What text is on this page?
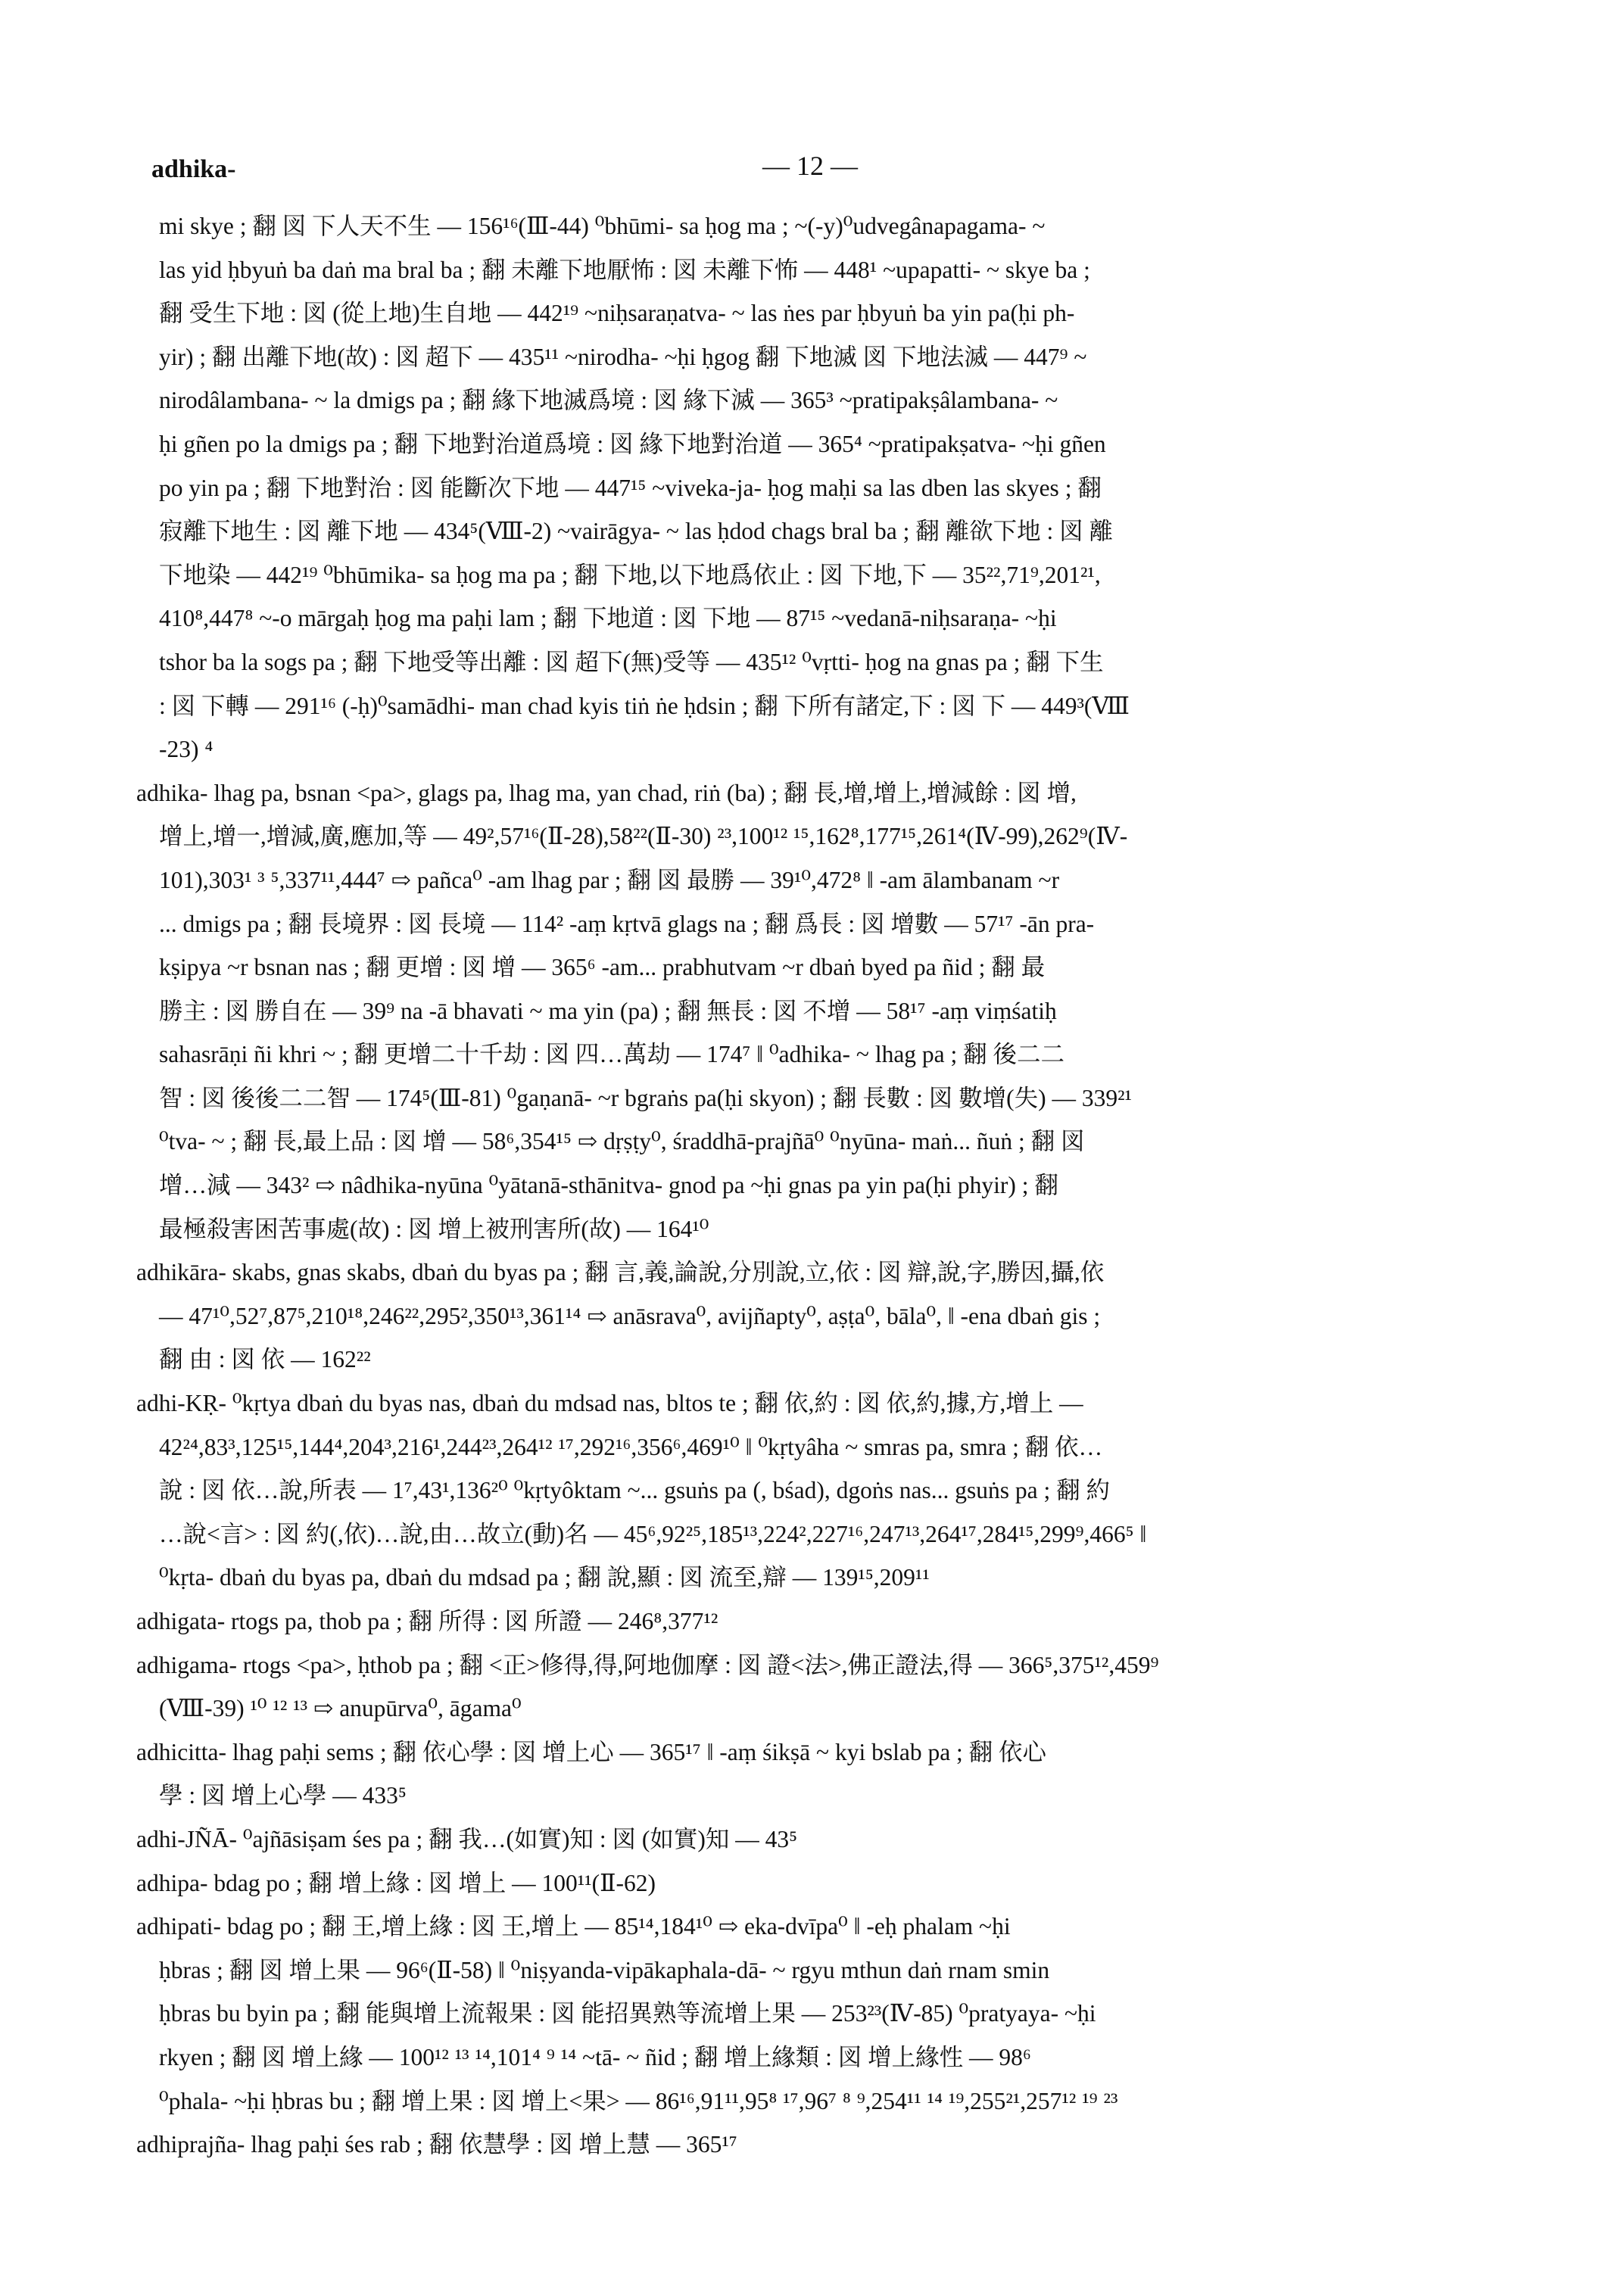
adhika-	— 12 —
mi skye ; 翻 図 下人天不生 — 156¹⁶(Ⅲ-44) ⁰bhūmi- sa ḥog ma ; ~(-y)⁰udvegânapagama- ~
las yid ḥbyuṅ ba daṅ ma bral ba ; 翻 未離下地厭怖 : 図 未離下怖 — 448¹ ~upapatti- ~ skye ba ;
翻 受生下地 : 図 (從上地)生自地 — 442¹⁹ ~niḥsaraṇatva- ~ las ṅes par ḥbyuṅ ba yin pa(ḥi ph-
yir) ; 翻 出離下地(故) : 図 超下 — 435¹¹ ~nirodha- ~ḥi ḥgog 翻 下地滅 図 下地法滅 — 447⁹ ~
nirodâlambana- ~ la dmigs pa ; 翻 緣下地滅爲境 : 図 緣下滅 — 365³ ~pratipakṣâlambana- ~
ḥi gñen po la dmigs pa ; 翻 下地對治道爲境 : 図 緣下地對治道 — 365⁴ ~pratipakṣatva- ~ḥi gñen
po yin pa ; 翻 下地對治 : 図 能斷次下地 — 447¹⁵ ~viveka-ja- ḥog maḥi sa las dben las skyes ; 翻
寂離下地生 : 図 離下地 — 434⁵(Ⅷ-2) ~vairāgya- ~ las ḥdod chags bral ba ; 翻 離欲下地 : 図 離
下地染 — 442¹⁹ ⁰bhūmika- sa ḥog ma pa ; 翻 下地,以下地爲依止 : 図 下地,下 — 35²²,71⁹,201²¹,
410⁸,447⁸ ~-o mārgaḥ ḥog ma paḥi lam ; 翻 下地道 : 図 下地 — 87¹⁵ ~vedanā-niḥsaraṇa- ~ḥi
tshor ba la sogs pa ; 翻 下地受等出離 : 図 超下(無)受等 — 435¹² ⁰vṛtti- ḥog na gnas pa ; 翻 下生
: 図 下轉 — 291¹⁶ (-ḥ)⁰samādhi- man chad kyis tiṅ ṅe ḥdsin ; 翻 下所有諸定,下 : 図 下 — 449³(Ⅷ
-23) ⁴
adhika- lhag pa, bsnan <pa>, glags pa, lhag ma, yan chad, riṅ (ba) ; 翻 長,增,增上,增減餘 : 図 增,
增上,增一,增減,廣,應加,等 — 49²,57¹⁶(Ⅱ-28),58²²(Ⅱ-30) ²³,100¹² ¹⁵,162⁸,177¹⁵,261⁴(Ⅳ-99),262⁹(Ⅳ-
101),303¹ ³ ⁵,337¹¹,444⁷ ⇨ pañca⁰ -am lhag par ; 翻 図 最勝 — 39¹⁰,472⁸ ‖ -am ālambanam ~r
... dmigs pa ; 翻 長境界 : 図 長境 — 114² -aṃ kṛtvā glags na ; 翻 爲長 : 図 增數 — 57¹⁷ -ān pra-
kṣipya ~r bsnan nas ; 翻 更增 : 図 增 — 365⁶ -am... prabhutvam ~r dbaṅ byed pa ñid ; 翻 最
勝主 : 図 勝自在 — 39⁹ na -ā bhavati ~ ma yin (pa) ; 翻 無長 : 図 不增 — 58¹⁷ -aṃ viṃśatiḥ
sahasrāṇi ñi khri ~ ; 翻 更增二十千劫 : 図 四…萬劫 — 174⁷ ‖ ⁰adhika- ~ lhag pa ; 翻 後二二
智 : 図 後後二二智 — 174⁵(Ⅲ-81) ⁰gaṇanā- ~r bgraṅs pa(ḥi skyon) ; 翻 長數 : 図 數增(失) — 339²¹
⁰tva- ~ ; 翻 長,最上品 : 図 增 — 58⁶,354¹⁵ ⇨ dṛṣṭy⁰, śraddhā-prajñā⁰ ⁰nyūna- maṅ... ñuṅ ; 翻 図
增…減 — 343² ⇨ nâdhika-nyūna ⁰yātanā-sthānitva- gnod pa ~ḥi gnas pa yin pa(ḥi phyir) ; 翻
最極殺害困苦事處(故) : 図 增上被刑害所(故) — 164¹⁰
adhikāra- skabs, gnas skabs, dbaṅ du byas pa ; 翻 言,義,論說,分別說,立,依 : 図 辯,說,字,勝因,攝,依
— 47¹⁰,52⁷,87⁵,210¹⁸,246²²,295²,350¹³,361¹⁴ ⇨ anāsrava⁰, avijñapty⁰, aṣṭa⁰, bāla⁰, ‖ -ena dbaṅ gis ;
翻 由 : 図 依 — 162²²
adhi-KṚ- ⁰kṛtya dbaṅ du byas nas, dbaṅ du mdsad nas, bltos te ; 翻 依,約 : 図 依,約,據,方,增上 —
42²⁴,83³,125¹⁵,144⁴,204³,216¹,244²³,264¹² ¹⁷,292¹⁶,356⁶,469¹⁰ ‖ ⁰kṛtyâha ~ smras pa, smra ; 翻 依…
說 : 図 依…說,所表 — 1⁷,43¹,136²⁰ ⁰kṛtyôktam ~... gsuṅs pa (, bśad), dgoṅs nas... gsuṅs pa ; 翻 約
…說<言> : 図 約(,依)…說,由…故立(動)名 — 45⁶,92²⁵,185¹³,224²,227¹⁶,247¹³,264¹⁷,284¹⁵,299⁹,466⁵ ‖
⁰kṛta- dbaṅ du byas pa, dbaṅ du mdsad pa ; 翻 說,顯 : 図 流至,辯 — 139¹⁵,209¹¹
adhigata- rtogs pa, thob pa ; 翻 所得 : 図 所證 — 246⁸,377¹²
adhigama- rtogs <pa>, ḥthob pa ; 翻 <正>修得,得,阿地伽摩 : 図 證<法>,佛正證法,得 — 366⁵,375¹²,459⁹
(Ⅷ-39) ¹⁰ ¹² ¹³ ⇨ anupūrva⁰, āgama⁰
adhicitta- lhag paḥi sems ; 翻 依心學 : 図 增上心 — 365¹⁷ ‖ -aṃ śikṣā ~ kyi bslab pa ; 翻 依心
學 : 図 增上心學 — 433⁵
adhi-JÑĀ- ⁰ajñāsiṣam śes pa ; 翻 我…(如實)知 : 図 (如實)知 — 43⁵
adhipa- bdag po ; 翻 增上緣 : 図 增上 — 100¹¹(Ⅱ-62)
adhipati- bdag po ; 翻 王,增上緣 : 図 王,增上 — 85¹⁴,184¹⁰ ⇨ eka-dvīpa⁰ ‖ -eḥ phalam ~ḥi
ḥbras ; 翻 図 增上果 — 96⁶(Ⅱ-58) ‖ ⁰niṣyanda-vipākaphala-dā- ~ rgyu mthun daṅ rnam smin
ḥbras bu byin pa ; 翻 能與增上流報果 : 図 能招異熟等流增上果 — 253²³(Ⅳ-85) ⁰pratyaya- ~ḥi
rkyen ; 翻 図 增上緣 — 100¹² ¹³ ¹⁴,101⁴ ⁹ ¹⁴ ~tā- ~ ñid ; 翻 增上緣類 : 図 增上緣性 — 98⁶
⁰phala- ~ḥi ḥbras bu ; 翻 增上果 : 図 增上<果> — 86¹⁶,91¹¹,95⁸ ¹⁷,96⁷ ⁸ ⁹,254¹¹ ¹⁴ ¹⁹,255²¹,257¹² ¹⁹ ²³
adhiprajña- lhag paḥi śes rab ; 翻 依慧學 : 図 增上慧 — 365¹⁷
